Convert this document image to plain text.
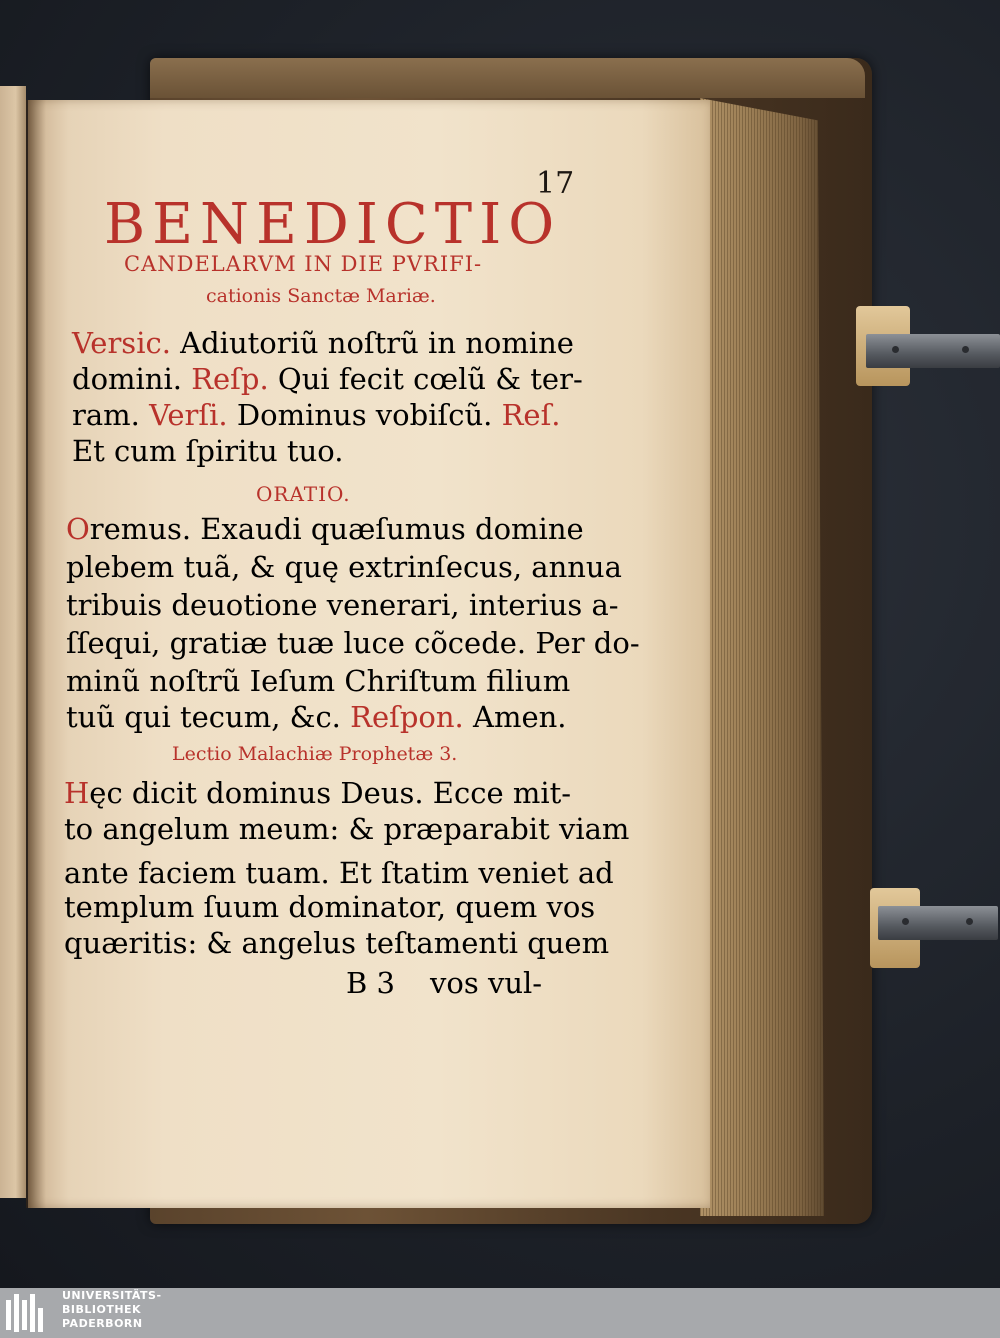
17
BENEDICTIO
CANDELARVM IN DIE PVRIFI-
cationis Sanctæ Mariæ.
Versic. Adiutoriũ noſtrũ in nomine
domini. Reſp. Qui fecit cœlũ & ter-
ram. Verſi. Dominus vobiſcũ. Reſ.
Et cum ſpiritu tuo.
ORATIO.
Oremus. Exaudi quæſumus domine
plebem tuã, & quę extrinſecus, annua
tribuis deuotione venerari, interius a-
ſſequi, gratiæ tuæ luce cõcede. Per do-
minũ noſtrũ Ieſum Chriſtum filium
tuũ qui tecum, &c. Reſpon. Amen.
Lectio Malachiæ Prophetæ 3.
Hęc dicit dominus Deus. Ecce mit-
to angelum meum: & præparabit viam
ante faciem tuam. Et ſtatim veniet ad
templum ſuum dominator, quem vos
quæritis: & angelus teſtamenti quem
B 3 vos vul-
UNIVERSITÄTS-
BIBLIOTHEK
PADERBORN
